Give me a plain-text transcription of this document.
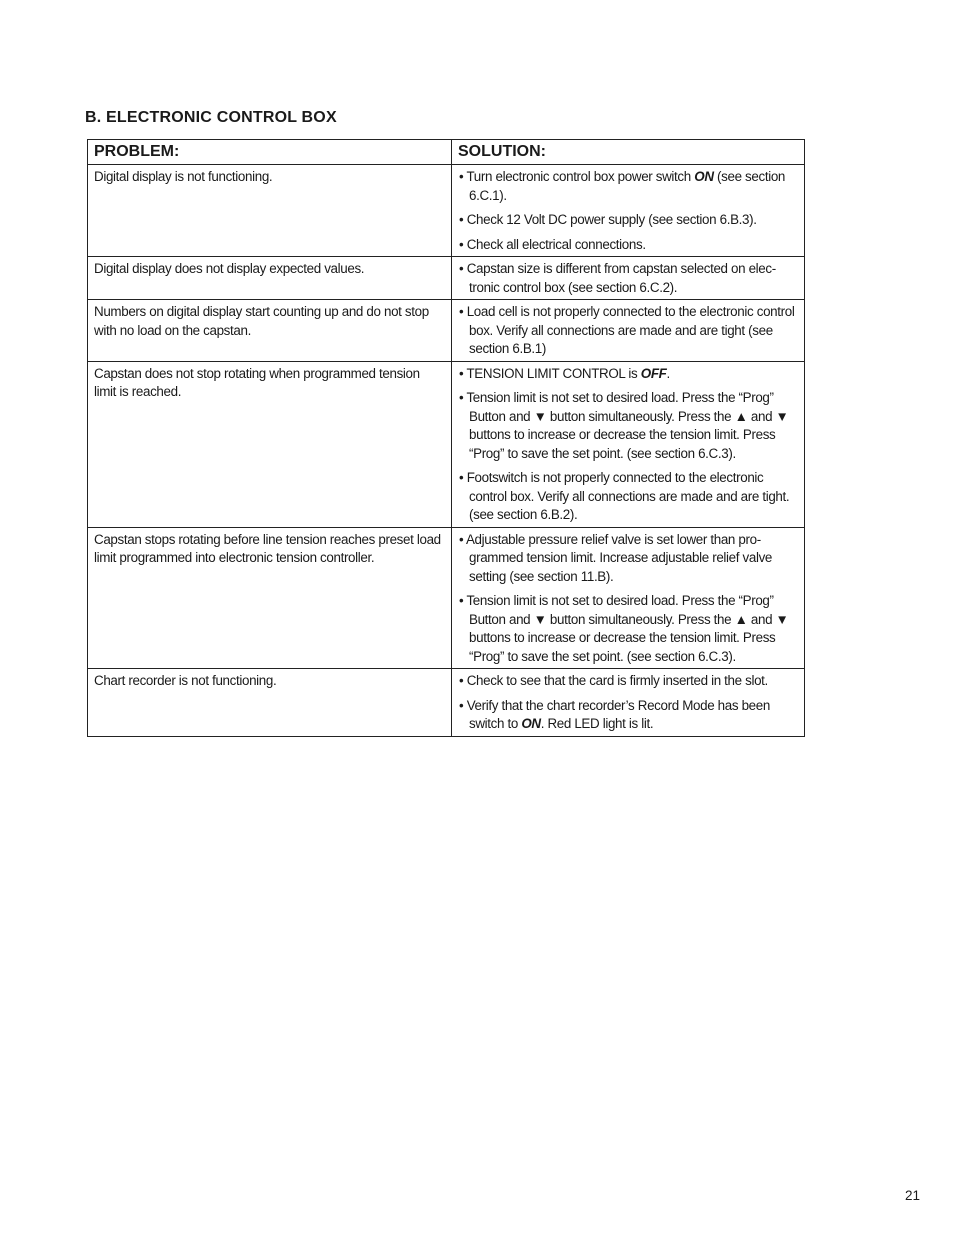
B. ELECTRONIC CONTROL BOX
PROBLEM:	SOLUTION:
Digital display is not functioning.	• Turn electronic control box power switch ON (see section 6.C.1).
• Check 12 Volt DC power supply (see section 6.B.3).
• Check all electrical connections.

Digital display does not display expected values.	• Capstan size is different from capstan selected on elec-tronic control box (see section 6.C.2).

Numbers on digital display start counting up and do not stop with no load on the capstan.	• Load cell is not properly connected to the electronic control box. Verify all connections are made and are tight (see section 6.B.1)

Capstan does not stop rotating when programmed tension limit is reached.	• TENSION LIMIT CONTROL is OFF.
• Tension limit is not set to desired load. Press the “Prog” Button and ▼ button simultaneously. Press the ▲ and ▼ buttons to increase or decrease the tension limit. Press “Prog” to save the set point. (see section 6.C.3).
• Footswitch is not properly connected to the electronic control box. Verify all connections are made and are tight. (see section 6.B.2).

Capstan stops rotating before line tension reaches preset load limit programmed into electronic tension controller.	• Adjustable pressure relief valve is set lower than pro-grammed tension limit. Increase adjustable relief valve setting (see section 11.B).
• Tension limit is not set to desired load. Press the “Prog” Button and ▼ button simultaneously. Press the ▲ and ▼ buttons to increase or decrease the tension limit. Press “Prog” to save the set point. (see section 6.C.3).

Chart recorder is not functioning.	• Check to see that the card is firmly inserted in the slot.
• Verify that the chart recorder’s Record Mode has been switch to ON. Red LED light is lit.
21
